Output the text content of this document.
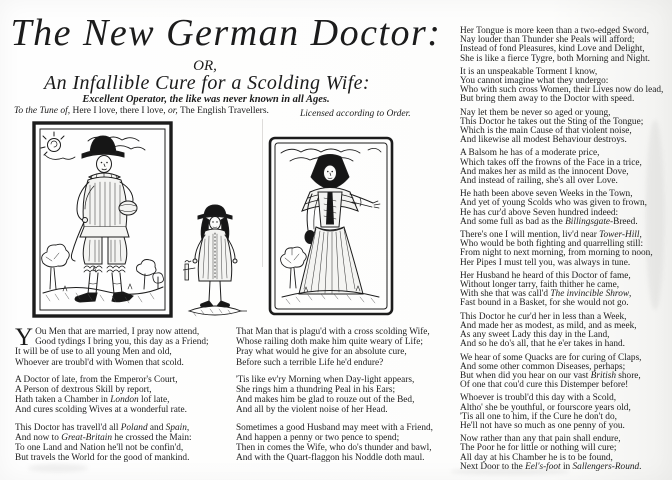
The New German Doctor:
OR,
An Infallible Cure for a Scolding Wife:
Excellent Operator, the like was never known in all Ages.
To the Tune of, Here I love, there I love, or, The English Travellers.	Licensed according to Order.

Y Ou Men that are married, I pray now attend,
Good tydings I bring you, this day as a Friend;
It will be of use to all young Men and old,
Whoever are troubl'd with Women that scold.

A Doctor of late, from the Emperor's Court,
A Person of dextrous Skill by report,
Hath taken a Chamber in London lof late,
And cures scolding Wives at a wonderful rate.

This Doctor has travell'd all Poland and Spain,
And now to Great-Britain he crossed the Main:
To one Land and Nation he'll not be confin'd,
But travels the World for the good of mankind.

That Man that is plagu'd with a cross scolding Wife,
Whose railing doth make him quite weary of Life;
Pray what would he give for an absolute cure,
Before such a terrible Life he'd endure?

'Tis like ev'ry Morning when Day-light appears,
She rings him a thundring Peal in his Ears;
And makes him be glad to rouze out of the Bed,
And all by the violent noise of her Head.

Sometimes a good Husband may meet with a Friend,
And happen a penny or two pence to spend;
Then in comes the Wife, who do's thunder and bawl,
And with the Quart-flaggon his Noddle doth maul.

Her Tongue is more keen than a two-edged Sword,
Nay louder than Thunder she Peals will afford;
Instead of fond Pleasures, kind Love and Delight,
She is like a fierce Tygre, both Morning and Night.

It is an unspeakable Torment I know,
You cannot imagine what they undergo:
Who with such cross Women, their Lives now do lead,
But bring them away to the Doctor with speed.

Nay let them be never so aged or young,
This Doctor he takes out the Sting of the Tongue;
Which is the main Cause of that violent noise,
And likewise all modest Behaviour destroys.

A Balsom he has of a moderate price,
Which takes off the frowns of the Face in a trice,
And makes her as mild as the innocent Dove,
And instead of railing, she's all over Love.

He hath been above seven Weeks in the Town,
And yet of young Scolds who was given to frown,
He has cur'd above Seven hundred indeed:
And some full as bad as the Billingsgate-Breed.

There's one I will mention, liv'd near Tower-Hill,
Who would be both fighting and quarrelling still:
From night to next morning, from morning to noon,
Her Pipes I must tell you, was always in tune.

Her Husband he heard of this Doctor of fame,
Without longer tarry, faith thither he came,
With she that was call'd The invincible Shrow,
Fast bound in a Basket, for she would not go.

This Doctor he cur'd her in less than a Week,
And made her as modest, as mild, and as meek,
As any sweet Lady this day in the Land,
And so he do's all, that he e'er takes in hand.

We hear of some Quacks are for curing of Claps,
And some other common Diseases, perhaps;
But when did you hear on our vast British shore,
Of one that cou'd cure this Distemper before!

Whoever is troubl'd this day with a Scold,
Altho' she be youthful, or fourscore years old,
'Tis all one to him, if the Cure he don't do,
He'll not have so much as one penny of you.

Now rather than any that pain shall endure,
The Poor he for little or nothing will cure;
All day at his Chamber he is to be found,
Next Door to the Eel's-foot in Sallengers-Round.
